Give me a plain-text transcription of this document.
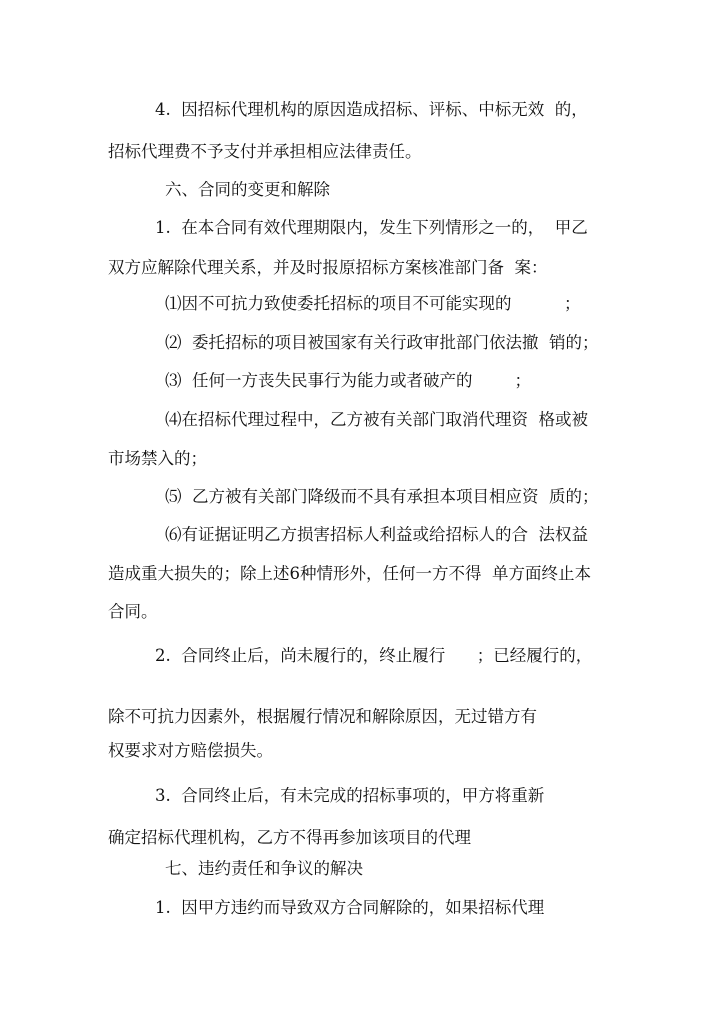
4.  因招标代理机构的原因造成招标、评标、中标无效  的，
招标代理费不予支付并承担相应法律责任。
六、合同的变更和解除
1.  在本合同有效代理期限内，发生下列情形之一的，  甲乙
双方应解除代理关系，并及时报原招标方案核准部门备  案：
⑴因不可抗力致使委托招标的项目不可能实现的          ；
⑵  委托招标的项目被国家有关行政审批部门依法撤  销的；
⑶  任何一方丧失民事行为能力或者破产的        ；
⑷在招标代理过程中，乙方被有关部门取消代理资  格或被
市场禁入的；
⑸  乙方被有关部门降级而不具有承担本项目相应资  质的；
⑹有证据证明乙方损害招标人利益或给招标人的合  法权益
造成重大损失的；除上述6种情形外，任何一方不得  单方面终止本
合同。
2.  合同终止后，尚未履行的，终止履行      ；已经履行的，
除不可抗力因素外，根据履行情况和解除原因，无过错方有
权要求对方赔偿损失。
3.  合同终止后，有未完成的招标事项的，甲方将重新
确定招标代理机构，乙方不得再参加该项目的代理
七、违约责任和争议的解决
1.  因甲方违约而导致双方合同解除的，如果招标代理
